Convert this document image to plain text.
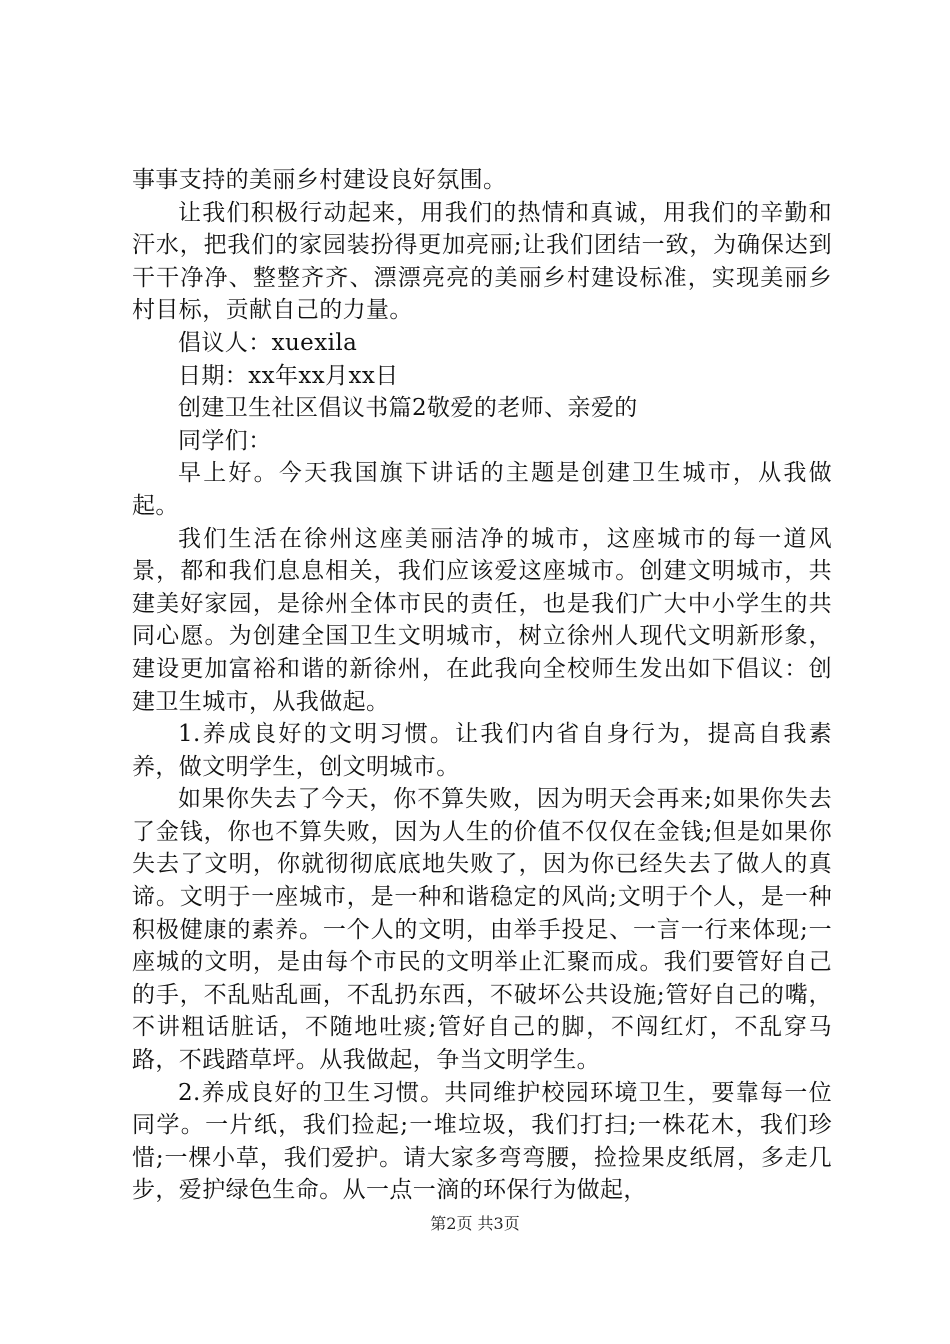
事事支持的美丽乡村建设良好氛围。

让我们积极行动起来，用我们的热情和真诚，用我们的辛勤和汗水，把我们的家园装扮得更加亮丽;让我们团结一致，为确保达到干干净净、整整齐齐、漂漂亮亮的美丽乡村建设标准，实现美丽乡村目标，贡献自己的力量。

倡议人：xuexila

日期：xx年xx月xx日

创建卫生社区倡议书篇2敬爱的老师、亲爱的

同学们：

早上好。今天我国旗下讲话的主题是创建卫生城市，从我做起。

我们生活在徐州这座美丽洁净的城市，这座城市的每一道风景，都和我们息息相关，我们应该爱这座城市。创建文明城市，共建美好家园，是徐州全体市民的责任，也是我们广大中小学生的共同心愿。为创建全国卫生文明城市，树立徐州人现代文明新形象，建设更加富裕和谐的新徐州，在此我向全校师生发出如下倡议：创建卫生城市，从我做起。

1.养成良好的文明习惯。让我们内省自身行为，提高自我素养，做文明学生，创文明城市。

如果你失去了今天，你不算失败，因为明天会再来;如果你失去了金钱，你也不算失败，因为人生的价值不仅仅在金钱;但是如果你失去了文明，你就彻彻底底地失败了，因为你已经失去了做人的真谛。文明于一座城市，是一种和谐稳定的风尚;文明于个人，是一种积极健康的素养。一个人的文明，由举手投足、一言一行来体现;一座城的文明，是由每个市民的文明举止汇聚而成。我们要管好自己的手，不乱贴乱画，不乱扔东西，不破坏公共设施;管好自己的嘴，不讲粗话脏话，不随地吐痰;管好自己的脚，不闯红灯，不乱穿马路，不践踏草坪。从我做起，争当文明学生。

2.养成良好的卫生习惯。共同维护校园环境卫生，要靠每一位同学。一片纸，我们捡起;一堆垃圾，我们打扫;一株花木，我们珍惜;一棵小草，我们爱护。请大家多弯弯腰，捡捡果皮纸屑，多走几步，爱护绿色生命。从一点一滴的环保行为做起，

第2页 共3页
